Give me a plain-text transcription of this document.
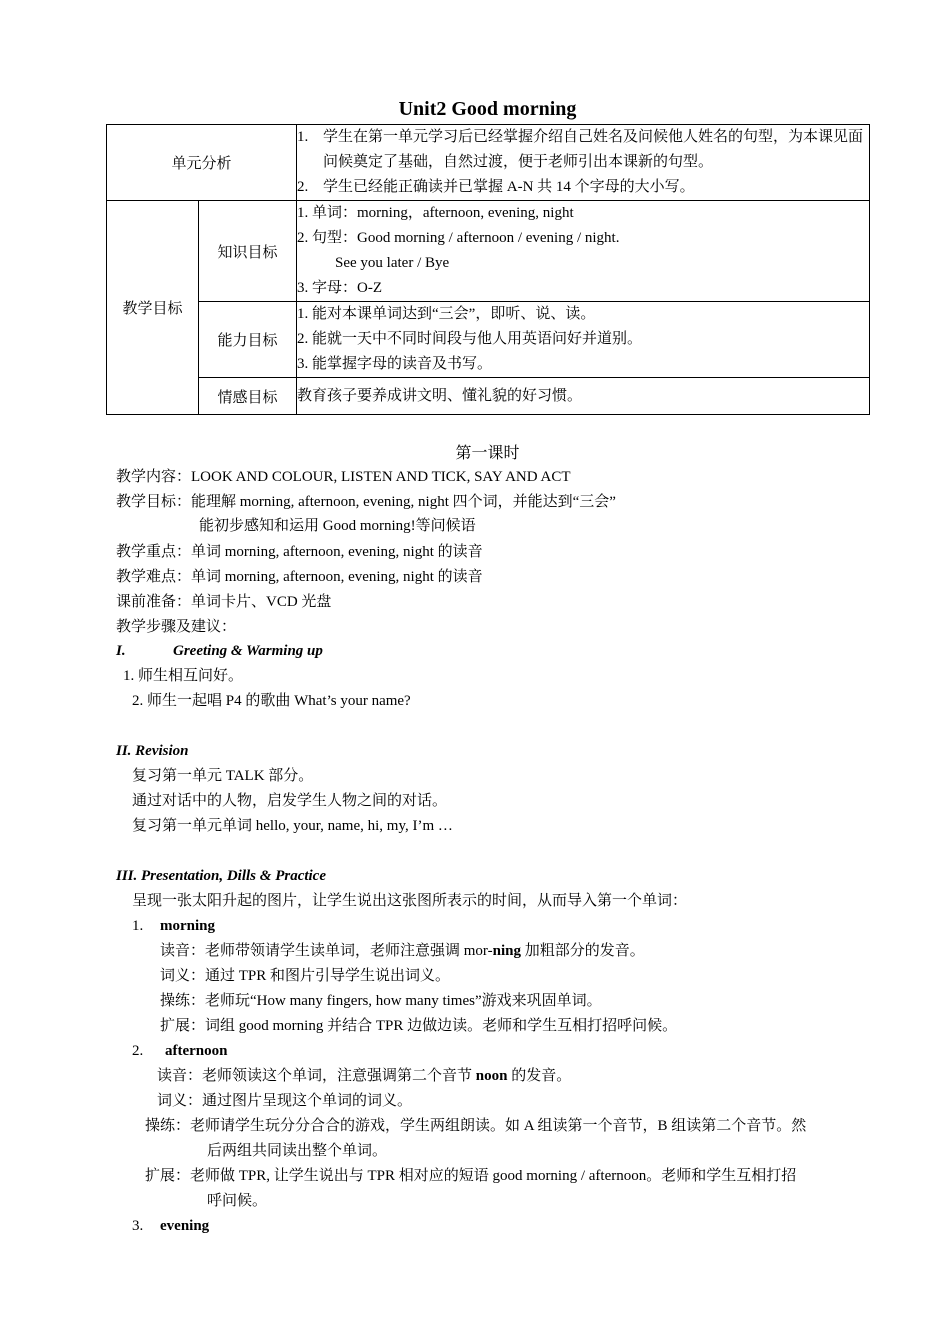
Unit2 Good morning
单元分析		1. 学生在第一单元学习后已经掌握介绍自己姓名及问候他人姓名的句型，为本课见面问候奠定了基础，自然过渡，便于老师引出本课新的句型。
2. 学生已经能正确读并已掌握 A-N 共 14 个字母的大小写。

教学目标	知识目标	1. 单词：morning，afternoon, evening, night
2. 句型：Good morning / afternoon / evening / night.
See you later / Bye
3. 字母：O-Z

	能力目标	1. 能对本课单词达到“三会”，即听、说、读。
2. 能就一天中不同时间段与他人用英语问好并道别。
3. 能掌握字母的读音及书写。

	情感目标	教育孩子要养成讲文明、懂礼貌的好习惯。
第一课时
教学内容：LOOK AND COLOUR, LISTEN AND TICK, SAY AND ACT
教学目标：能理解 morning, afternoon, evening, night 四个词，并能达到“三会”
能初步感知和运用 Good morning!等问候语
教学重点：单词 morning, afternoon, evening, night 的读音
教学难点：单词 morning, afternoon, evening, night 的读音
课前准备：单词卡片、VCD 光盘
教学步骤及建议：
I.	Greeting & Warming up
1. 师生相互问好。
2. 师生一起唱 P4 的歌曲 What’s your name?
II. Revision
复习第一单元 TALK 部分。
通过对话中的人物，启发学生人物之间的对话。
复习第一单元单词 hello, your, name, hi, my, I’m …
III. Presentation, Dills & Practice
呈现一张太阳升起的图片，让学生说出这张图所表示的时间，从而导入第一个单词：
1. morning
读音：老师带领请学生读单词，老师注意强调 mor-ning 加粗部分的发音。
词义：通过 TPR 和图片引导学生说出词义。
操练：老师玩“How many fingers, how many times”游戏来巩固单词。
扩展：词组 good morning 并结合 TPR 边做边读。老师和学生互相打招呼问候。
2. afternoon
读音：老师领读这个单词，注意强调第二个音节 noon 的发音。
词义：通过图片呈现这个单词的词义。
操练：老师请学生玩分分合合的游戏，学生两组朗读。如 A 组读第一个音节，B 组读第二个音节。然
后两组共同读出整个单词。
扩展：老师做 TPR, 让学生说出与 TPR 相对应的短语 good morning / afternoon。老师和学生互相打招
呼问候。
3. evening
